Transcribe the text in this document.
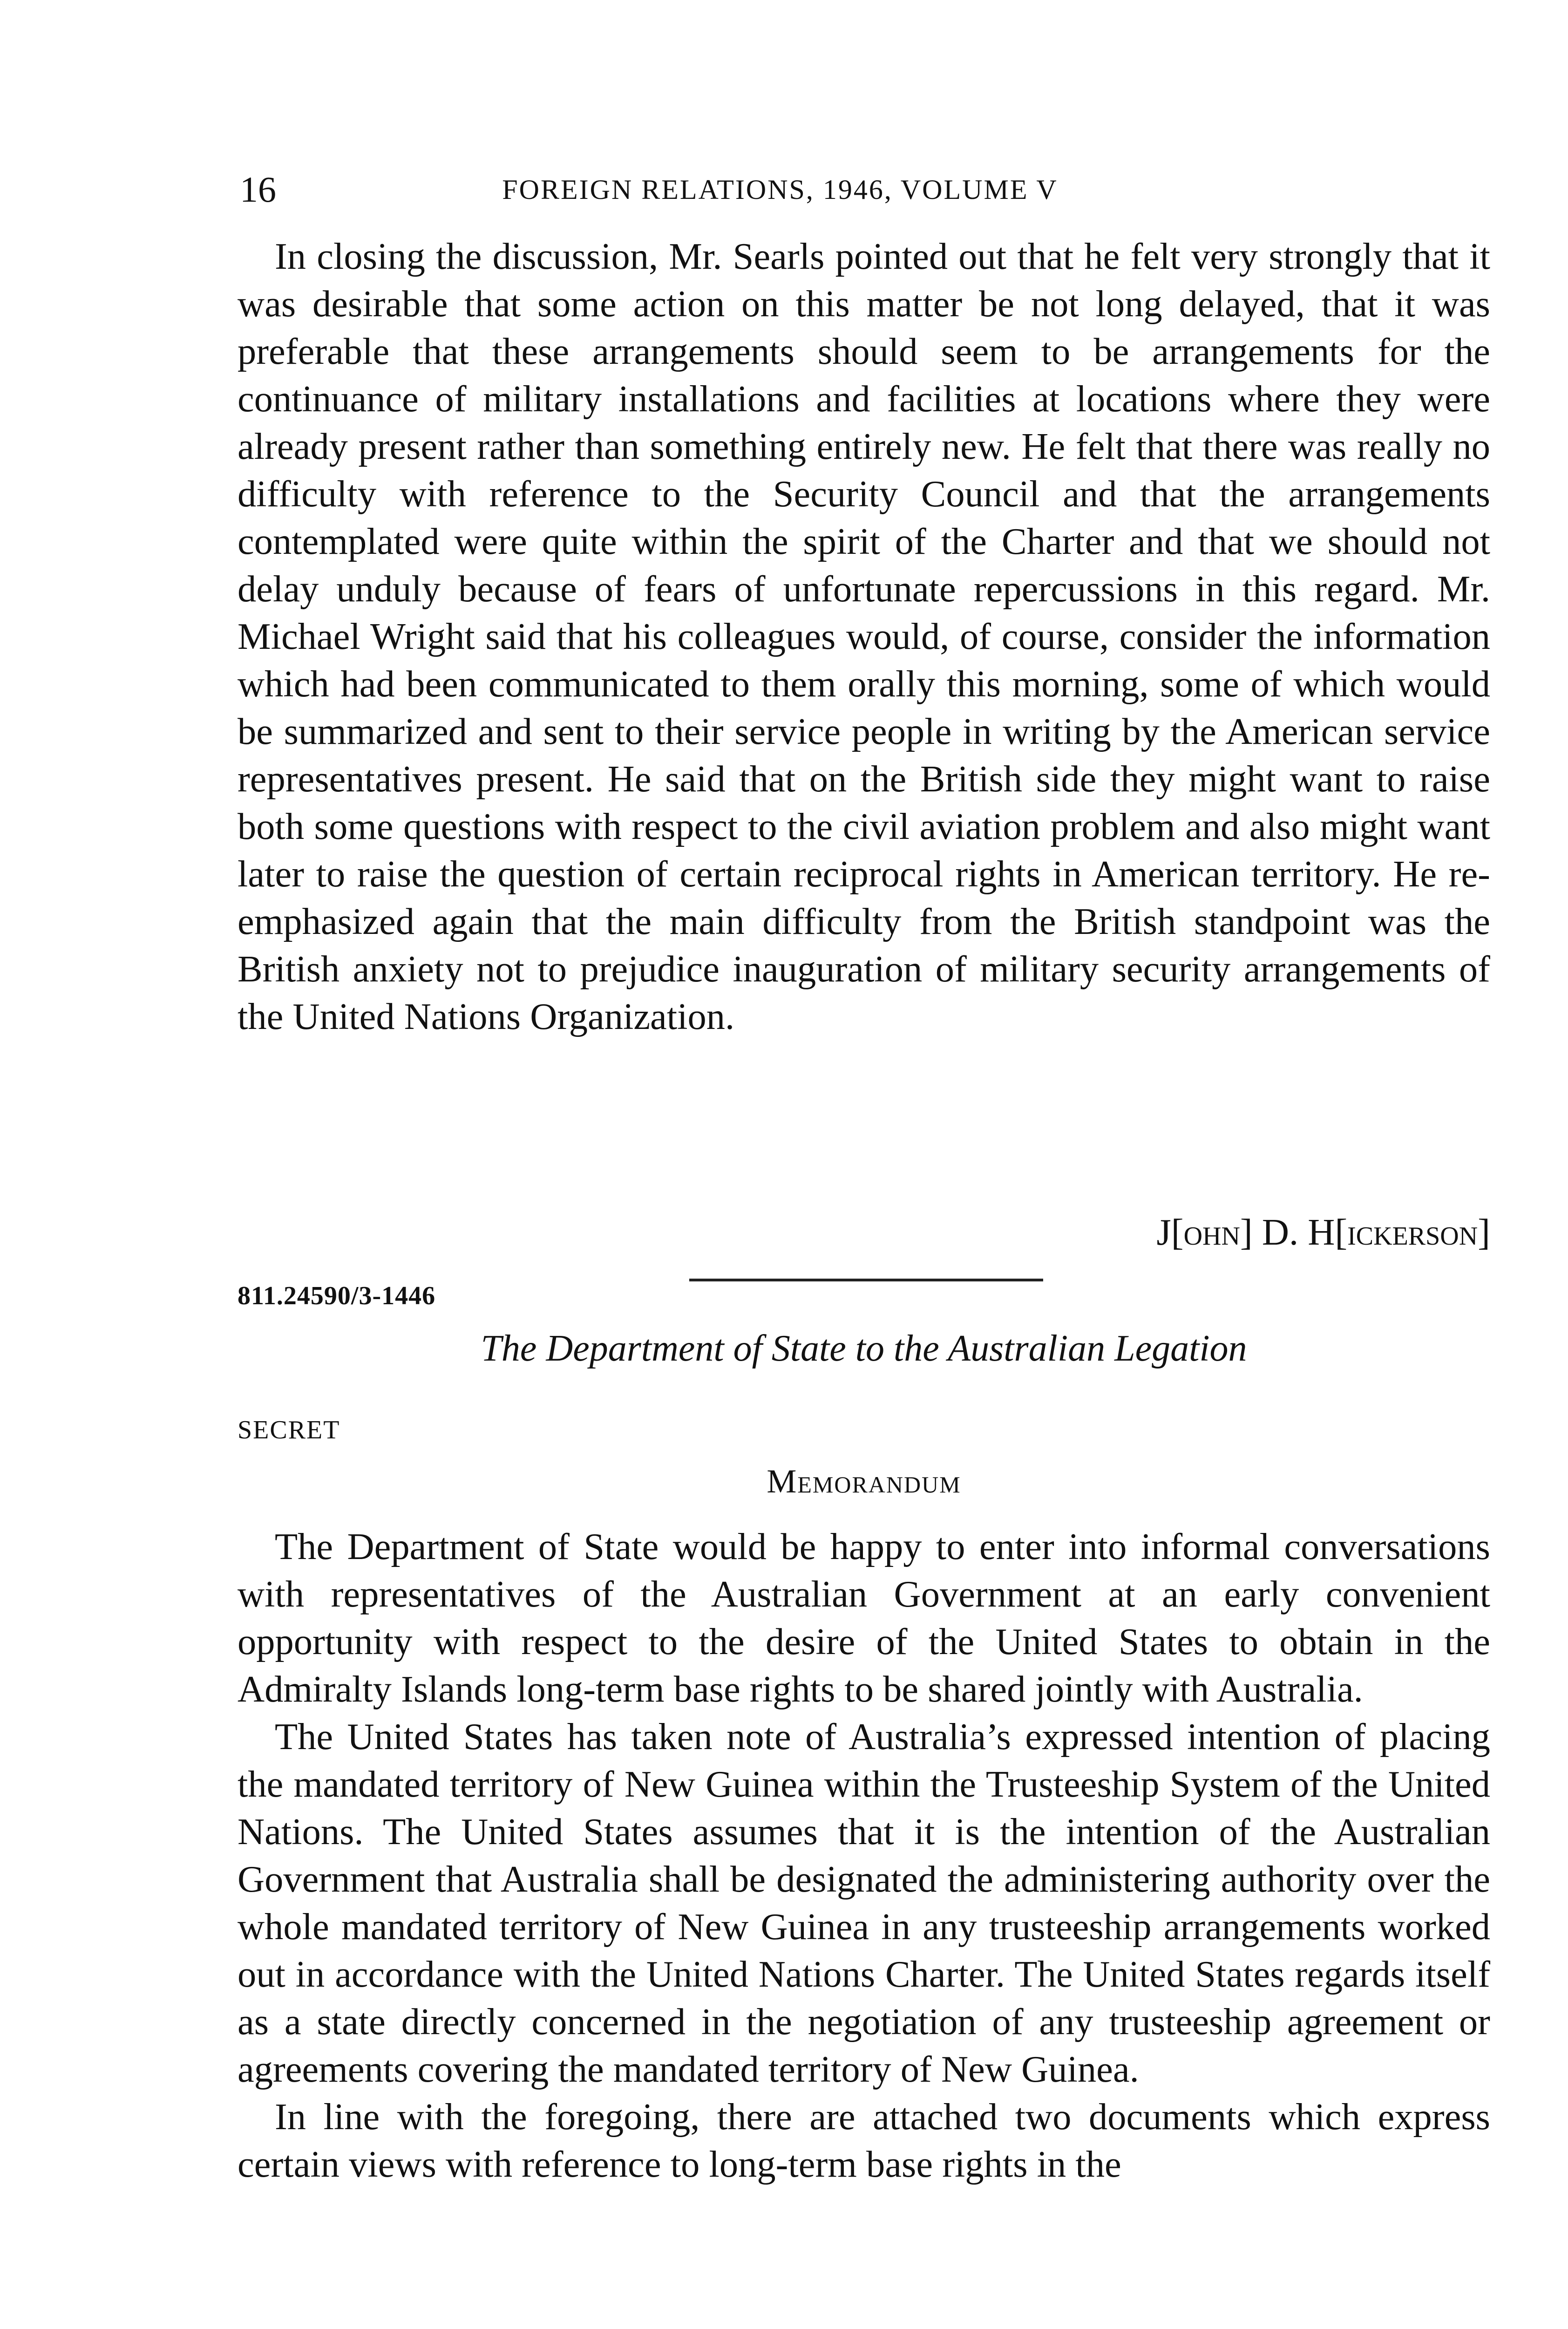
16	FOREIGN RELATIONS, 1946, VOLUME V

In closing the discussion, Mr. Searls pointed out that he felt very strongly that it was desirable that some action on this matter be not long delayed, that it was preferable that these arrangements should seem to be arrangements for the continuance of military installations and facilities at locations where they were already present rather than something entirely new. He felt that there was really no difficulty with reference to the Security Council and that the arrangements contemplated were quite within the spirit of the Charter and that we should not delay unduly because of fears of unfortunate repercussions in this regard. Mr. Michael Wright said that his colleagues would, of course, consider the information which had been communicated to them orally this morning, some of which would be summarized and sent to their service people in writing by the American service representatives present. He said that on the British side they might want to raise both some questions with respect to the civil aviation problem and also might want later to raise the question of certain reciprocal rights in American territory. He re-emphasized again that the main difficulty from the British standpoint was the British anxiety not to prejudice inauguration of military security arrangements of the United Nations Organization.

J[ohn] D. H[ickerson]
811.24590/3-1446
The Department of State to the Australian Legation
SECRET
Memorandum

The Department of State would be happy to enter into informal conversations with representatives of the Australian Government at an early convenient opportunity with respect to the desire of the United States to obtain in the Admiralty Islands long-term base rights to be shared jointly with Australia.

The United States has taken note of Australia’s expressed intention of placing the mandated territory of New Guinea within the Trusteeship System of the United Nations. The United States assumes that it is the intention of the Australian Government that Australia shall be designated the administering authority over the whole mandated territory of New Guinea in any trusteeship arrangements worked out in accordance with the United Nations Charter. The United States regards itself as a state directly concerned in the negotiation of any trusteeship agreement or agreements covering the mandated territory of New Guinea.

In line with the foregoing, there are attached two documents which express certain views with reference to long-term base rights in the
